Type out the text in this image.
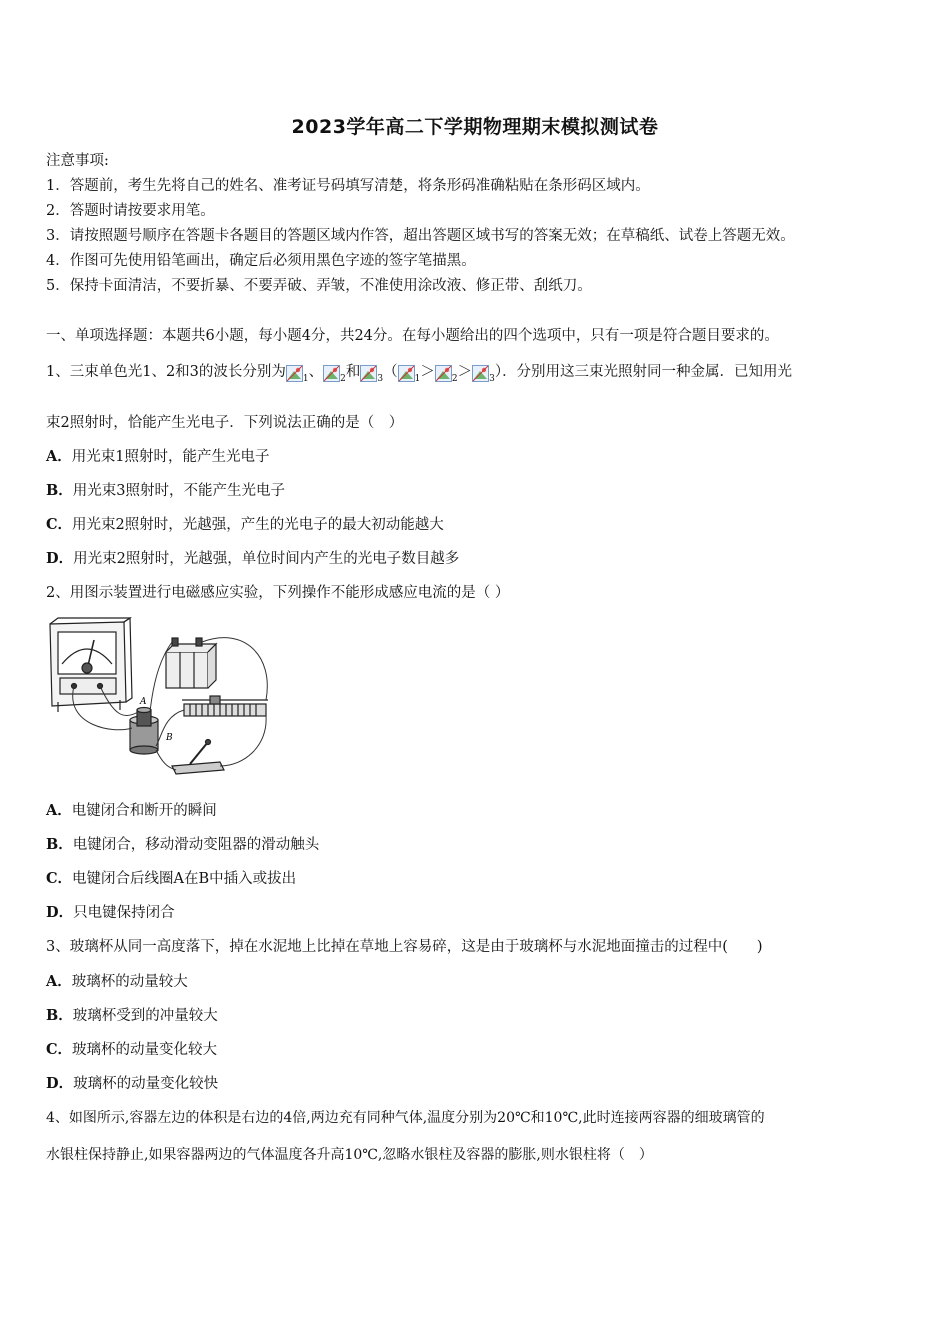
2023学年高二下学期物理期末模拟测试卷
注意事项:
1．答题前，考生先将自己的姓名、准考证号码填写清楚，将条形码准确粘贴在条形码区域内。
2．答题时请按要求用笔。
3．请按照题号顺序在答题卡各题目的答题区域内作答，超出答题区域书写的答案无效；在草稿纸、试卷上答题无效。
4．作图可先使用铅笔画出，确定后必须用黑色字迹的签字笔描黑。
5．保持卡面清洁，不要折暴、不要弄破、弄皱，不准使用涂改液、修正带、刮纸刀。
一、单项选择题：本题共6小题，每小题4分，共24分。在每小题给出的四个选项中，只有一项是符合题目要求的。
1、三束单色光1、2和3的波长分别为 $_1$、 $_2$和 $_3$（ $_1$＞ $_2$＞ $_3$）．分别用这三束光照射同一种金属．已知用光
束2照射时，恰能产生光电子．下列说法正确的是（　）
A．用光束1照射时，能产生光电子
B．用光束3照射时，不能产生光电子
C．用光束2照射时，光越强，产生的光电子的最大初动能越大
D．用光束2照射时，光越强，单位时间内产生的光电子数目越多
2、用图示装置进行电磁感应实验，下列操作不能形成感应电流的是（ ）
A
B
A．电键闭合和断开的瞬间
B．电键闭合，移动滑动变阻器的滑动触头
C．电键闭合后线圈A在B中插入或拔出
D．只电键保持闭合
3、玻璃杯从同一高度落下，掉在水泥地上比掉在草地上容易碎，这是由于玻璃杯与水泥地面撞击的过程中(　　)
A．玻璃杯的动量较大
B．玻璃杯受到的冲量较大
C．玻璃杯的动量变化较大
D．玻璃杯的动量变化较快
4、如图所示,容器左边的体积是右边的4倍,两边充有同种气体,温度分别为20℃和10℃,此时连接两容器的细玻璃管的
水银柱保持静止,如果容器两边的气体温度各升高10℃,忽略水银柱及容器的膨胀,则水银柱将（　）
